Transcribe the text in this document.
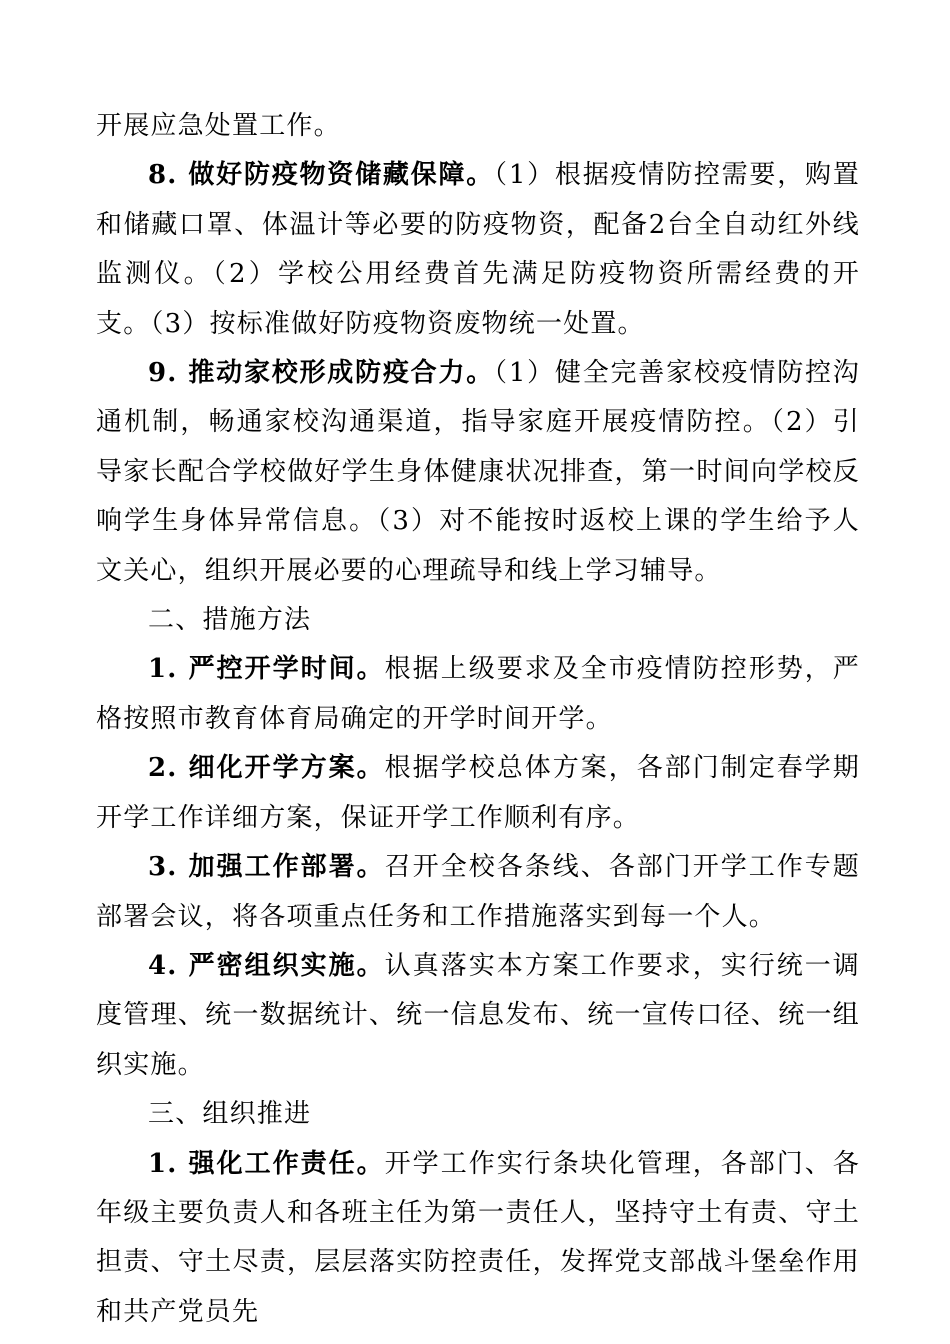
开展应急处置工作。

8. 做好防疫物资储藏保障。（1）根据疫情防控需要，购置和储藏口罩、体温计等必要的防疫物资，配备2台全自动红外线监测仪。（2）学校公用经费首先满足防疫物资所需经费的开支。（3）按标准做好防疫物资废物统一处置。

9. 推动家校形成防疫合力。（1）健全完善家校疫情防控沟通机制，畅通家校沟通渠道，指导家庭开展疫情防控。（2）引导家长配合学校做好学生身体健康状况排查，第一时间向学校反响学生身体异常信息。（3）对不能按时返校上课的学生给予人文关心，组织开展必要的心理疏导和线上学习辅导。

二、措施方法

1. 严控开学时间。根据上级要求及全市疫情防控形势，严格按照市教育体育局确定的开学时间开学。

2. 细化开学方案。根据学校总体方案，各部门制定春学期开学工作详细方案，保证开学工作顺利有序。

3. 加强工作部署。召开全校各条线、各部门开学工作专题部署会议，将各项重点任务和工作措施落实到每一个人。

4. 严密组织实施。认真落实本方案工作要求，实行统一调度管理、统一数据统计、统一信息发布、统一宣传口径、统一组织实施。

三、组织推进

1. 强化工作责任。开学工作实行条块化管理，各部门、各年级主要负责人和各班主任为第一责任人，坚持守土有责、守土担责、守土尽责，层层落实防控责任，发挥党支部战斗堡垒作用和共产党员先
